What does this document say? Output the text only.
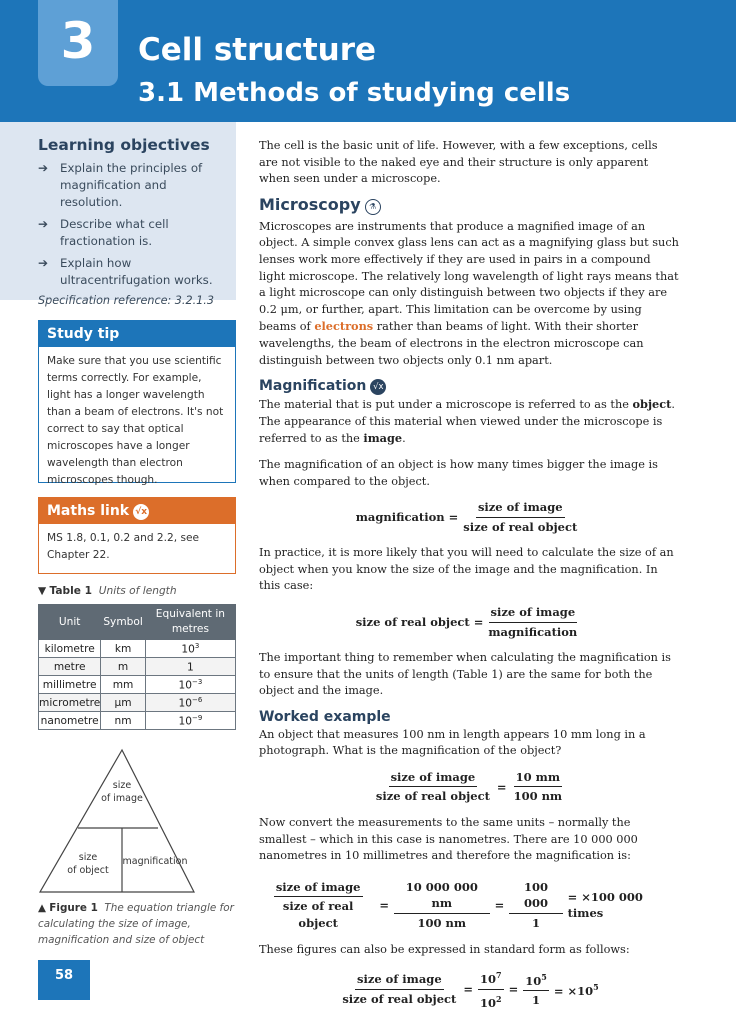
3	Cell structure
3.1 Methods of studying cells
Learning objectives
➔ Explain the principles of magnification and resolution.
➔ Describe what cell fractionation is.
➔ Explain how ultracentrifugation works.
Specification reference: 3.2.1.3
Study tip
Make sure that you use scientific terms correctly. For example, light has a longer wavelength than a beam of electrons. It's not correct to say that optical microscopes have a longer wavelength than electron microscopes though.
Maths link √x
MS 1.8, 0.1, 0.2 and 2.2, see Chapter 22.
▼ Table 1 Units of length
Unit	Symbol	Equivalent in metres
kilometre	km	$10^3$
metre	m	1
millimetre	mm	$10^{-3}$
micrometre	μm	$10^{-6}$
nanometre	nm	$10^{-9}$
size
of image
size
of object
magnification
▲ Figure 1 The equation triangle for calculating the size of image, magnification and size of object
58

The cell is the basic unit of life. However, with a few exceptions, cells are not visible to the naked eye and their structure is only apparent when seen under a microscope.

Microscopy ⚗

Microscopes are instruments that produce a magnified image of an object. A simple convex glass lens can act as a magnifying glass but such lenses work more effectively if they are used in pairs in a compound light microscope. The relatively long wavelength of light rays means that a light microscope can only distinguish between two objects if they are 0.2 μm, or further, apart. This limitation can be overcome by using beams of electrons rather than beams of light. With their shorter wavelengths, the beam of electrons in the electron microscope can distinguish between two objects only 0.1 nm apart.

Magnification √x

The material that is put under a microscope is referred to as the object. The appearance of this material when viewed under the microscope is referred to as the image.

The magnification of an object is how many times bigger the image is when compared to the object.

magnification = $\frac{\text{size of image}}{\text{size of real object}}$

In practice, it is more likely that you will need to calculate the size of an object when you know the size of the image and the magnification. In this case:

size of real object = $\frac{\text{size of image}}{\text{magnification}}$

The important thing to remember when calculating the magnification is to ensure that the units of length (Table 1) are the same for both the object and the image.

Worked example

An object that measures 100 nm in length appears 10 mm long in a photograph. What is the magnification of the object?

$\frac{\text{size of image}}{\text{size of real object}} = \frac{10 mm}{100 nm}$

Now convert the measurements to the same units – normally the smallest – which in this case is nanometres. There are 10 000 000 nanometres in 10 millimetres and therefore the magnification is:

$\frac{\text{size of image}}{\text{size of real object}} = \frac{10 000 000 nm}{100 nm} = \frac{100 000}{1} = \times 100$ 000 times

These figures can also be expressed in standard form as follows:

$\frac{\text{size of image}}{\text{size of real object}} = \frac{10^7}{10^2} = \frac{10^5}{1} = \times 10^5$
